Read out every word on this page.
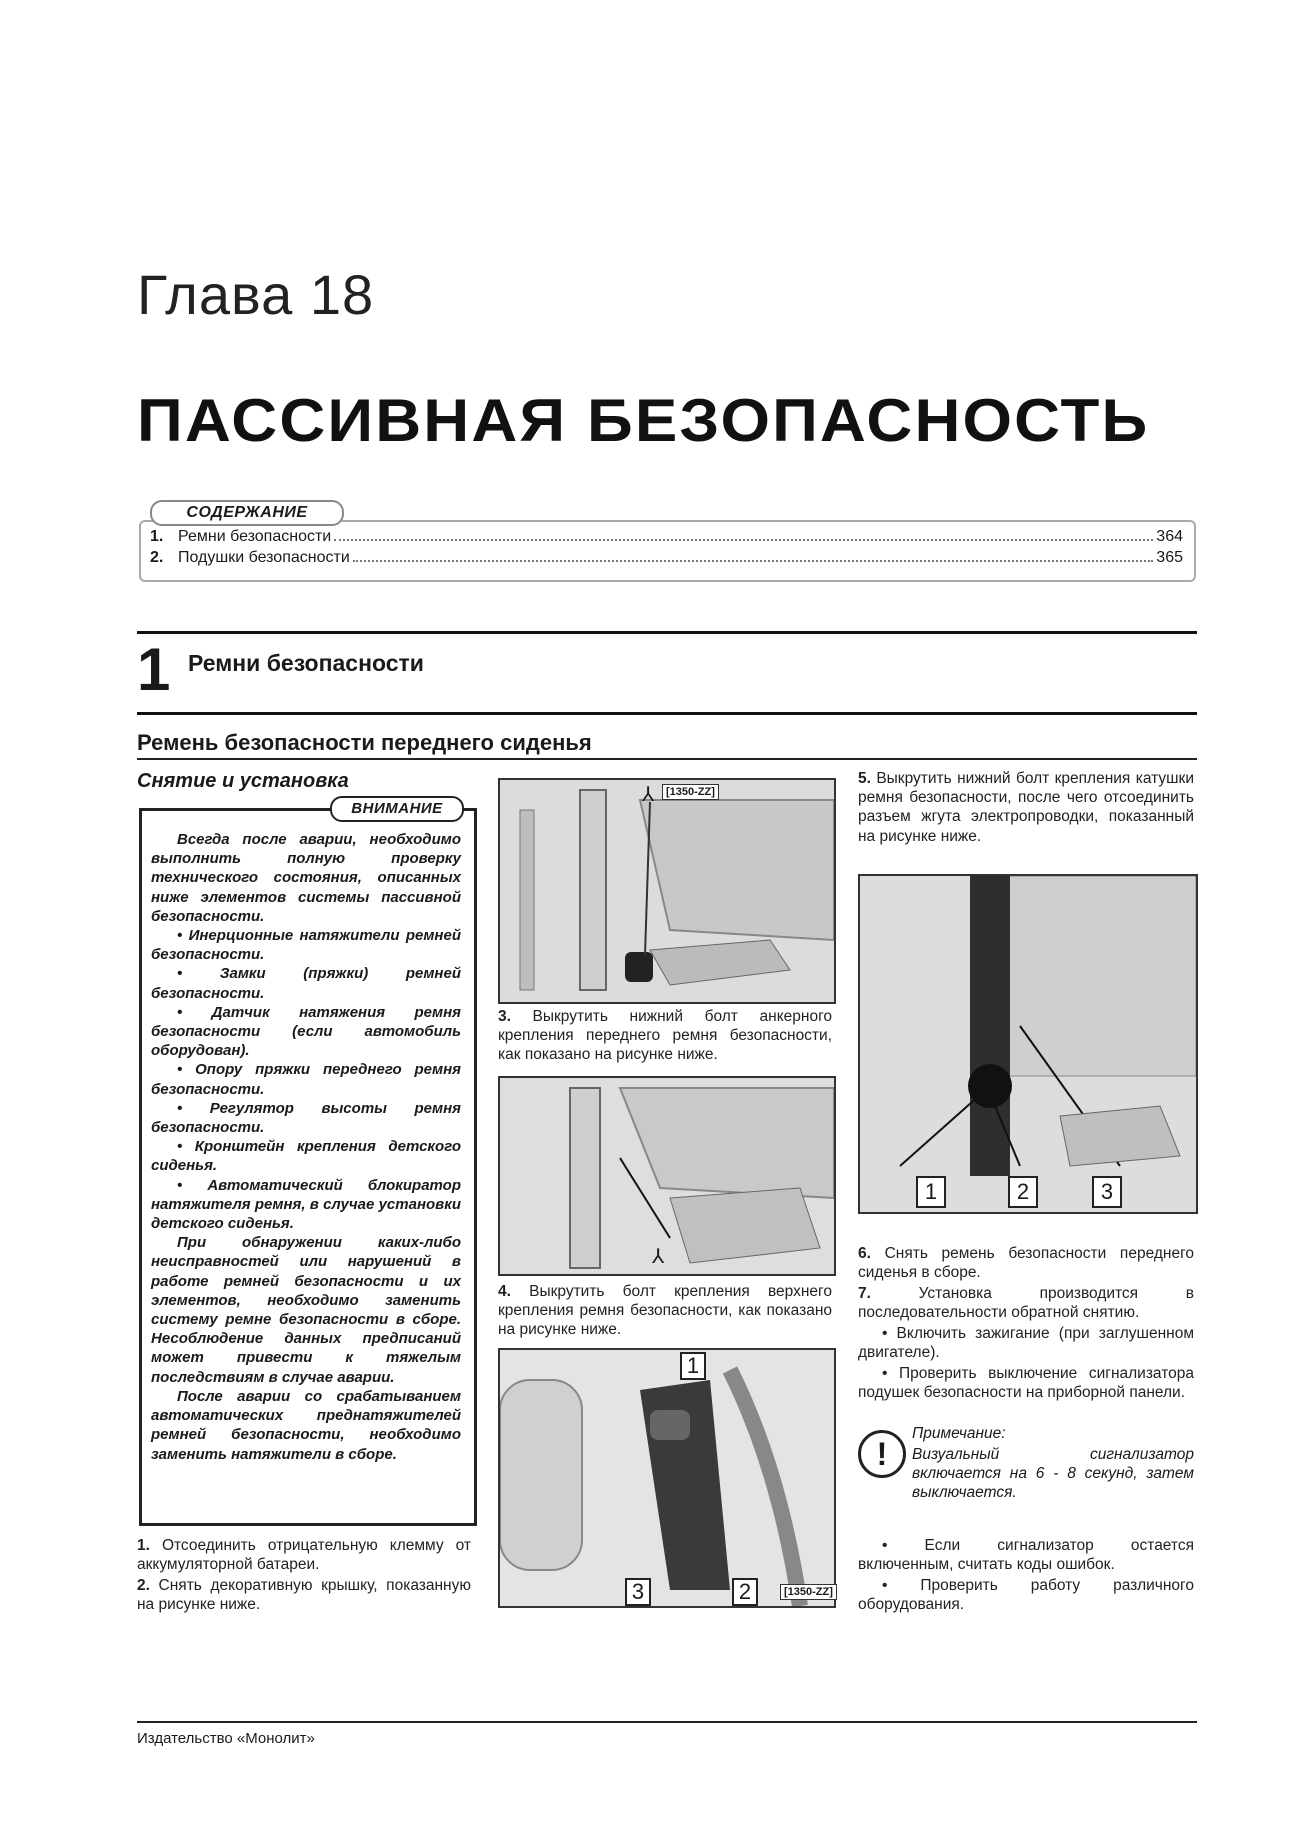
Глава 18
ПАССИВНАЯ БЕЗОПАСНОСТЬ
СОДЕРЖАНИЕ
1. Ремни безопасности	364
2. Подушки безопасности	365
1 Ремни безопасности
Ремень безопасности переднего сиденья
Снятие и установка
ВНИМАНИЕ

Всегда после аварии, необходимо выполнить полную проверку технического состояния, описанных ниже элементов системы пассивной безопасности.

• Инерционные натяжители ремней безопасности.

• Замки (пряжки) ремней безопасности.

• Датчик натяжения ремня безопасности (если автомобиль оборудован).

• Опору пряжки переднего ремня безопасности.

• Регулятор высоты ремня безопасности.

• Кронштейн крепления детского сиденья.

• Автоматический блокиратор натяжителя ремня, в случае установки детского сиденья.

При обнаружении каких-либо неисправностей или нарушений в работе ремней безопасности и их элементов, необходимо заменить систему ремне безопасности в сборе. Несоблюдение данных предписаний может привести к тяжелым последствиям в случае аварии.

После аварии со срабатыванием автоматических преднатяжителей ремней безопасности, необходимо заменить натяжители в сборе.

1. Отсоединить отрицательную клемму от аккумуляторной батареи.
2. Снять декоративную крышку, показанную на рисунке ниже.
⅄	[1350-ZZ]
3. Выкрутить нижний болт анкерного крепления переднего ремня безопасности, как показано на рисунке ниже.
⅄
4. Выкрутить болт крепления верхнего крепления ремня безопасности, как показано на рисунке ниже.
1
3	2	[1350-ZZ]
5. Выкрутить нижний болт крепления катушки ремня безопасности, после чего отсоединить разъем жгута электропроводки, показанный на рисунке ниже.
1	2	3
6. Снять ремень безопасности переднего сиденья в сборе.
7.	Установка производится в последовательности обратной снятию.
• Включить зажигание (при заглушенном двигателе).
• Проверить выключение сигнализатора подушек безопасности на приборной панели.
!
Примечание:
Визуальный сигнализатор включается на 6 - 8 секунд, затем выключается.
• Если сигнализатор остается включенным, считать коды ошибок.
• Проверить работу различного оборудования.
Издательство «Монолит»
